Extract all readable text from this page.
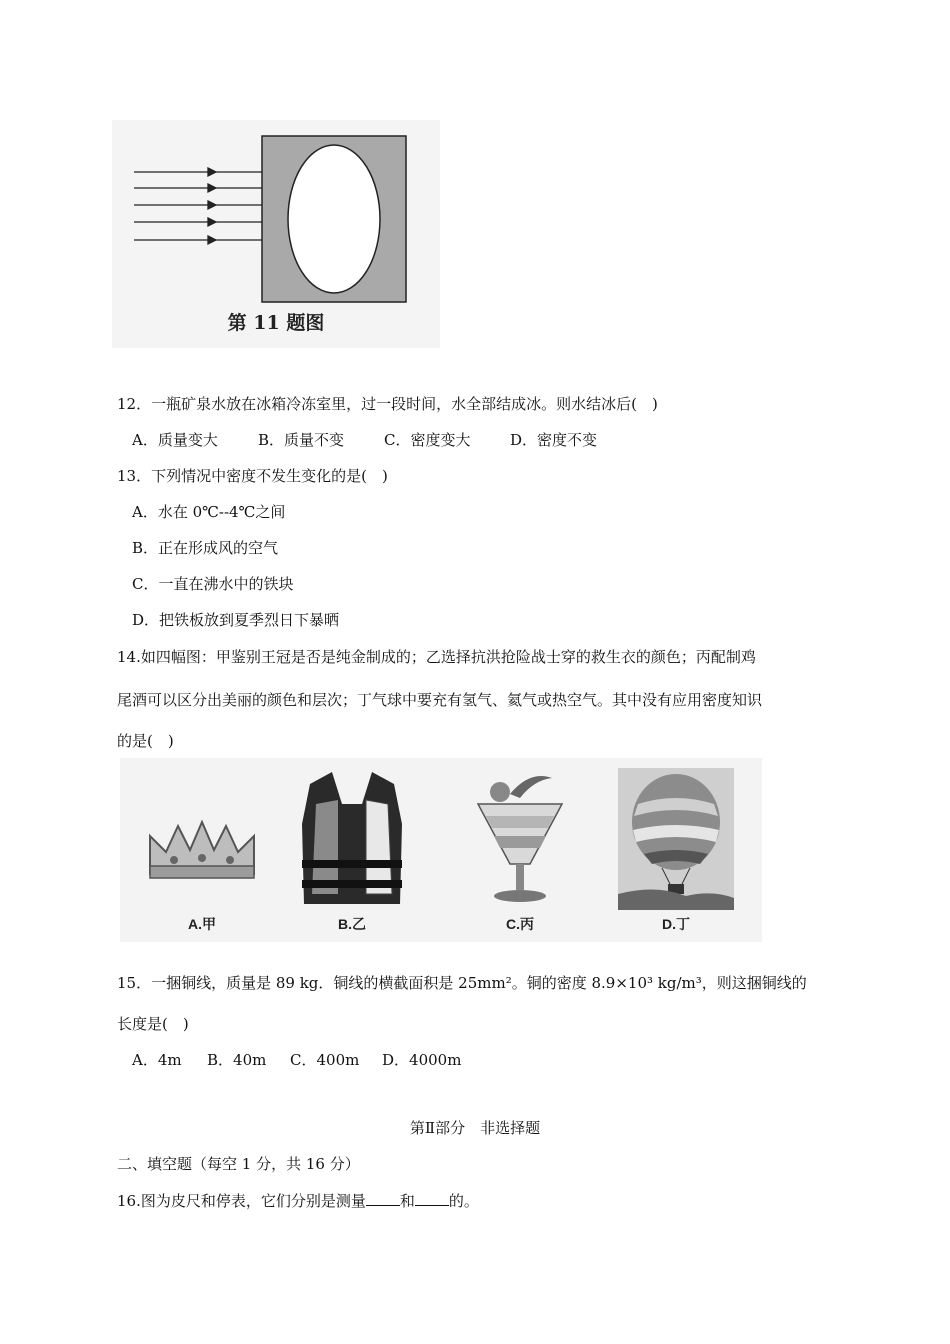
第 11 题图
12．一瓶矿泉水放在冰箱冷冻室里，过一段时间，水全部结成冰。则水结冰后(　)
A．质量变大	B．质量不变	C．密度变大	D．密度不变
13．下列情况中密度不发生变化的是(　)
A．水在 0℃--4℃之间
B．正在形成风的空气
C．一直在沸水中的铁块
D．把铁板放到夏季烈日下暴晒
14.如四幅图：甲鉴别王冠是否是纯金制成的；乙选择抗洪抢险战士穿的救生衣的颜色；丙配制鸡
尾酒可以区分出美丽的颜色和层次；丁气球中要充有氢气、氦气或热空气。其中没有应用密度知识
的是(　)
A.甲	B.乙	C.丙	D.丁
15．一捆铜线，质量是 89 kg．铜线的横截面积是 25mm²。铜的密度 8.9×10³ kg/m³，则这捆铜线的
长度是(　)
A．4m B．40m C．400m D．4000m
第Ⅱ部分　非选择题
二、填空题（每空 1 分，共 16 分）
16.图为皮尺和停表，它们分别是测量 和 的。
